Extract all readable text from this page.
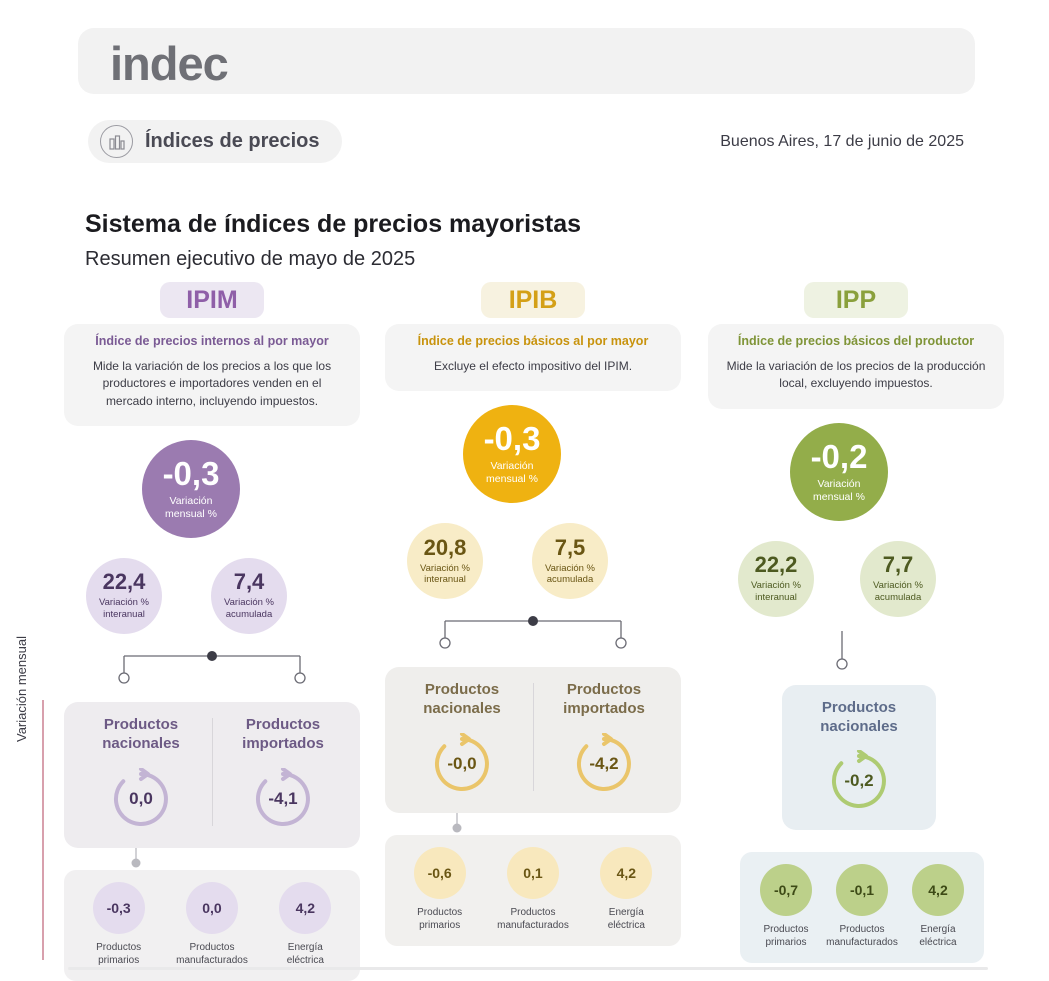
indec
Índices de precios	Buenos Aires, 17 de junio de 2025
Sistema de índices de precios mayoristas
Resumen ejecutivo de mayo de 2025
Variación mensual
IPIM
Índice de precios internos al por mayor
Mide la variación de los precios a los que los productores e importadores venden en el mercado interno, incluyendo impuestos.
-0,3
Variación
mensual %
22,4
Variación %
interanual
7,4
Variación %
acumulada
Productos
nacionales
0,0
Productos
importados
-4,1
-0,3
Productos
primarios
0,0
Productos
manufacturados
4,2
Energía
eléctrica
IPIB
Índice de precios básicos al por mayor
Excluye el efecto impositivo del IPIM.
-0,3
Variación
mensual %
20,8
Variación %
interanual
7,5
Variación %
acumulada
Productos
nacionales
-0,0
Productos
importados
-4,2
-0,6
Productos
primarios
0,1
Productos
manufacturados
4,2
Energía
eléctrica
IPP
Índice de precios básicos del productor
Mide la variación de los precios de la producción local, excluyendo impuestos.
-0,2
Variación
mensual %
22,2
Variación %
interanual
7,7
Variación %
acumulada
Productos
nacionales
-0,2
-0,7
Productos
primarios
-0,1
Productos
manufacturados
4,2
Energía
eléctrica
